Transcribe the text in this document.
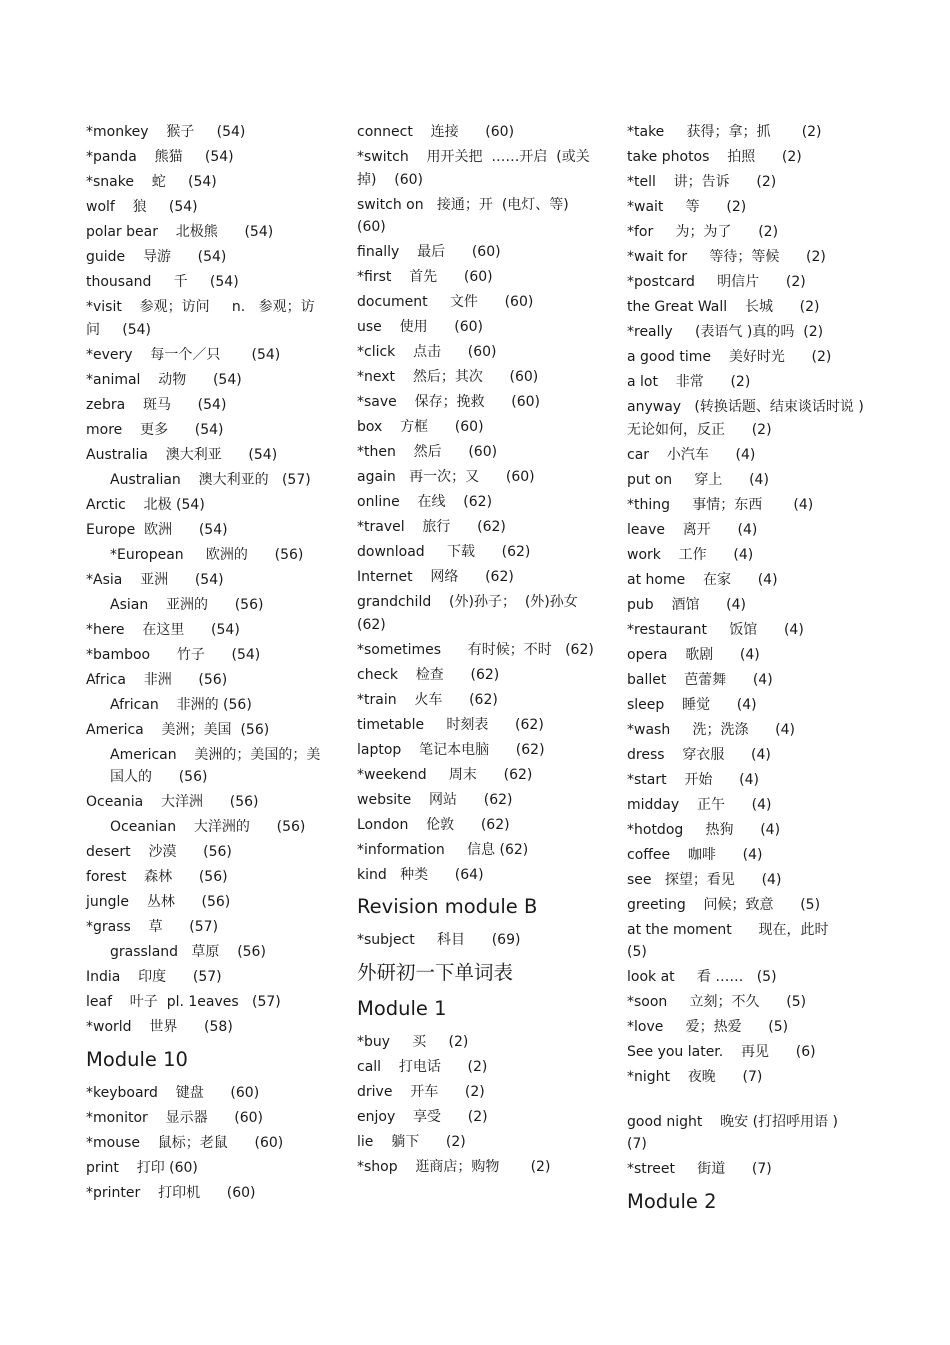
*monkey    猴子     (54)
*panda    熊猫     (54)
*snake    蛇     (54)
wolf    狼     (54)
polar bear    北极熊      (54)
guide    导游      (54)
thousand     千     (54)
*visit    参观；访问     n.   参观；访问     (54)
*every    每一个／只       (54)
*animal    动物      (54)
zebra    斑马      (54)
more    更多      (54)
Australia    澳大利亚      (54)
Australian    澳大利亚的   (57)
Arctic    北极 (54)
Europe  欧洲      (54)
*European     欧洲的      (56)
*Asia    亚洲      (54)
Asian    亚洲的      (56)
*here    在这里      (54)
*bamboo      竹子      (54)
Africa    非洲      (56)
African    非洲的 (56)
America    美洲；美国  (56)
American    美洲的；美国的；美国人的      (56)
Oceania    大洋洲      (56)
Oceanian    大洋洲的      (56)
desert    沙漠      (56)
forest    森林      (56)
jungle    丛林      (56)
*grass    草      (57)
grassland   草原    (56)
India    印度      (57)
leaf    叶子  pl. 1eaves   (57)
*world    世界      (58)
Module 10
*keyboard    键盘      (60)
*monitor    显示器      (60)
*mouse    鼠标；老鼠      (60)
print    打印 (60)
*printer    打印机      (60)
connect    连接      (60)
*switch    用开关把  ……开启  (或关掉)    (60)
switch on   接通；开  (电灯、等)    (60)
finally    最后      (60)
*first    首先      (60)
document     文件      (60)
use    使用      (60)
*click    点击      (60)
*next    然后；其次      (60)
*save    保存；挽救      (60)
box    方框      (60)
*then    然后      (60)
again   再一次；又      (60)
online    在线    (62)
*travel    旅行      (62)
download     下载      (62)
Internet    网络      (62)
grandchild    (外)孙子；  (外)孙女    (62)
*sometimes      有时候；不时   (62)
check    检查      (62)
*train    火车      (62)
timetable     时刻表      (62)
laptop    笔记本电脑      (62)
*weekend     周末      (62)
website    网站      (62)
London    伦敦      (62)
*information     信息 (62)
kind   种类      (64)
Revision module B
*subject     科目      (69)
外研初一下单词表
Module 1
*buy     买     (2)
call    打电话      (2)
drive    开车      (2)
enjoy    享受      (2)
lie    躺下      (2)
*shop    逛商店；购物       (2)
*take     获得；拿；抓       (2)
take photos    拍照      (2)
*tell    讲；告诉      (2)
*wait     等      (2)
*for     为；为了      (2)
*wait for     等待；等候      (2)
*postcard     明信片      (2)
the Great Wall    长城      (2)
*really     (表语气 )真的吗  (2)
a good time    美好时光      (2)
a lot    非常      (2)
anyway   (转换话题、结束谈话时说 )无论如何，反正      (2)
car    小汽车      (4)
put on     穿上      (4)
*thing     事情；东西       (4)
leave    离开      (4)
work    工作      (4)
at home    在家      (4)
pub    酒馆      (4)
*restaurant     饭馆      (4)
opera    歌剧      (4)
ballet    芭蕾舞      (4)
sleep    睡觉      (4)
*wash     洗；洗涤      (4)
dress    穿衣服      (4)
*start    开始      (4)
midday    正午      (4)
*hotdog     热狗      (4)
coffee    咖啡      (4)
see   探望；看见      (4)
greeting    问候；致意      (5)
at the moment      现在，此时       (5)
look at     看 ……   (5)
*soon     立刻；不久      (5)
*love     爱；热爱      (5)
See you later.    再见      (6)
*night    夜晚      (7)
good night    晚安 (打招呼用语 )   (7)
*street     街道      (7)
Module 2
